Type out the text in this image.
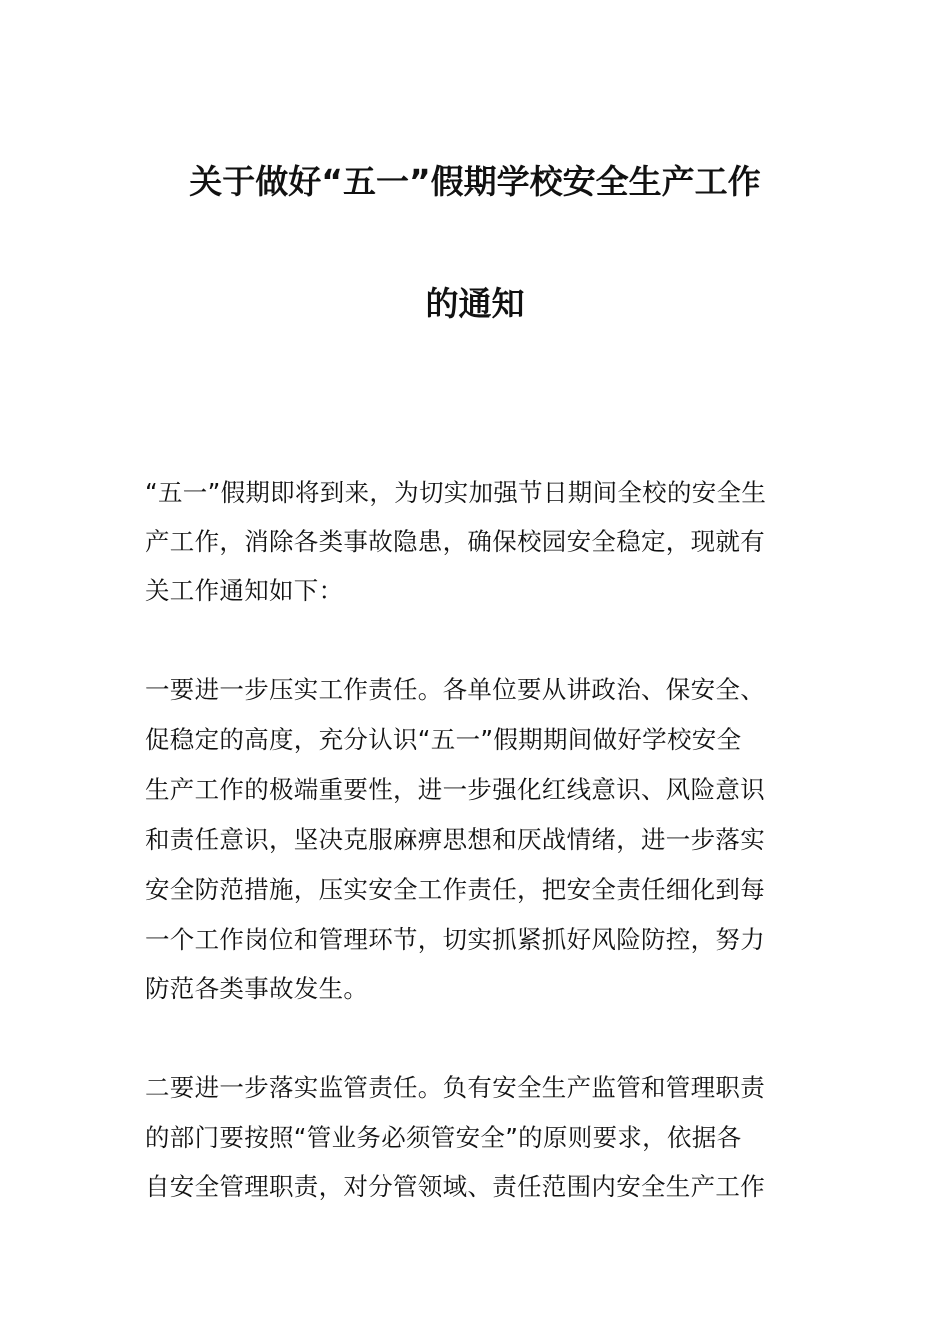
关于做好“五一”假期学校安全生产工作
的通知
“五一”假期即将到来，为切实加强节日期间全校的安全生
产工作，消除各类事故隐患，确保校园安全稳定，现就有
关工作通知如下：
一要进一步压实工作责任。各单位要从讲政治、保安全、
促稳定的高度，充分认识“五一”假期期间做好学校安全
生产工作的极端重要性，进一步强化红线意识、风险意识
和责任意识，坚决克服麻痹思想和厌战情绪，进一步落实
安全防范措施，压实安全工作责任，把安全责任细化到每
一个工作岗位和管理环节，切实抓紧抓好风险防控，努力
防范各类事故发生。
二要进一步落实监管责任。负有安全生产监管和管理职责
的部门要按照“管业务必须管安全”的原则要求，依据各
自安全管理职责，对分管领域、责任范围内安全生产工作
